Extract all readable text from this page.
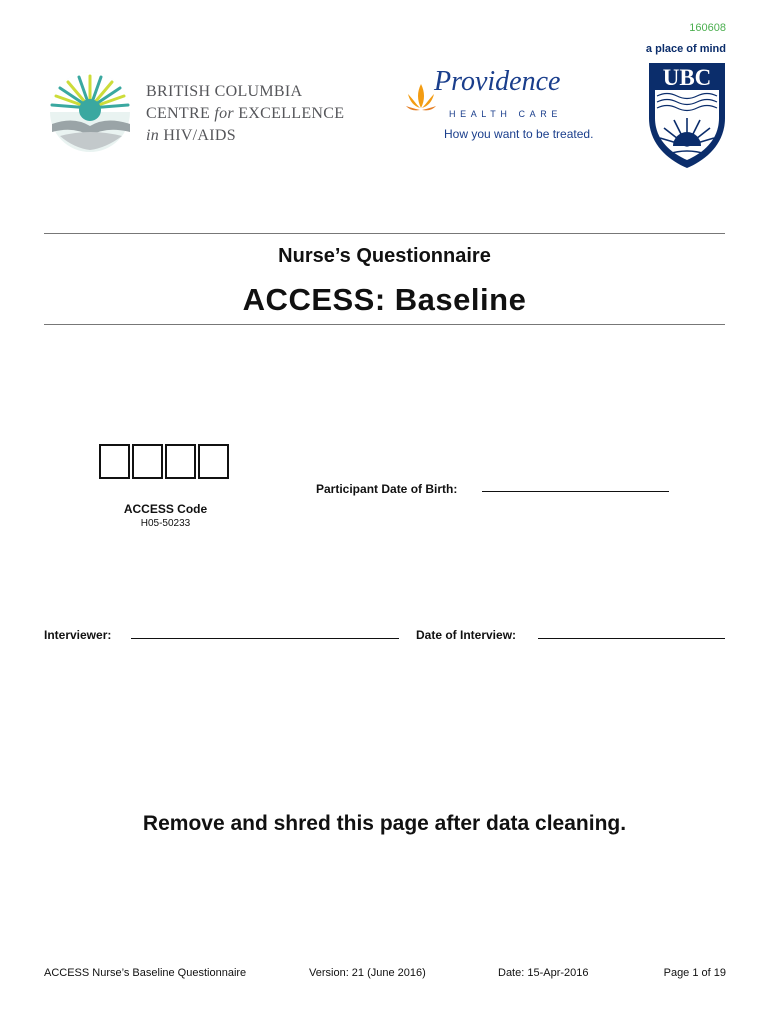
160608
BRITISH COLUMBIA
CENTRE for EXCELLENCE
in HIV/AIDS
Providence
HEALTH CARE
How you want to be treated.
a place of mind
UBC
Nurse’s Questionnaire
ACCESS: Baseline
ACCESS Code
H05-50233
Participant Date of Birth:
Interviewer:	Date of Interview:
Remove and shred this page after data cleaning.
ACCESS Nurse’s Baseline Questionnaire	Version: 21 (June 2016)	Date: 15-Apr-2016	Page 1 of 19
